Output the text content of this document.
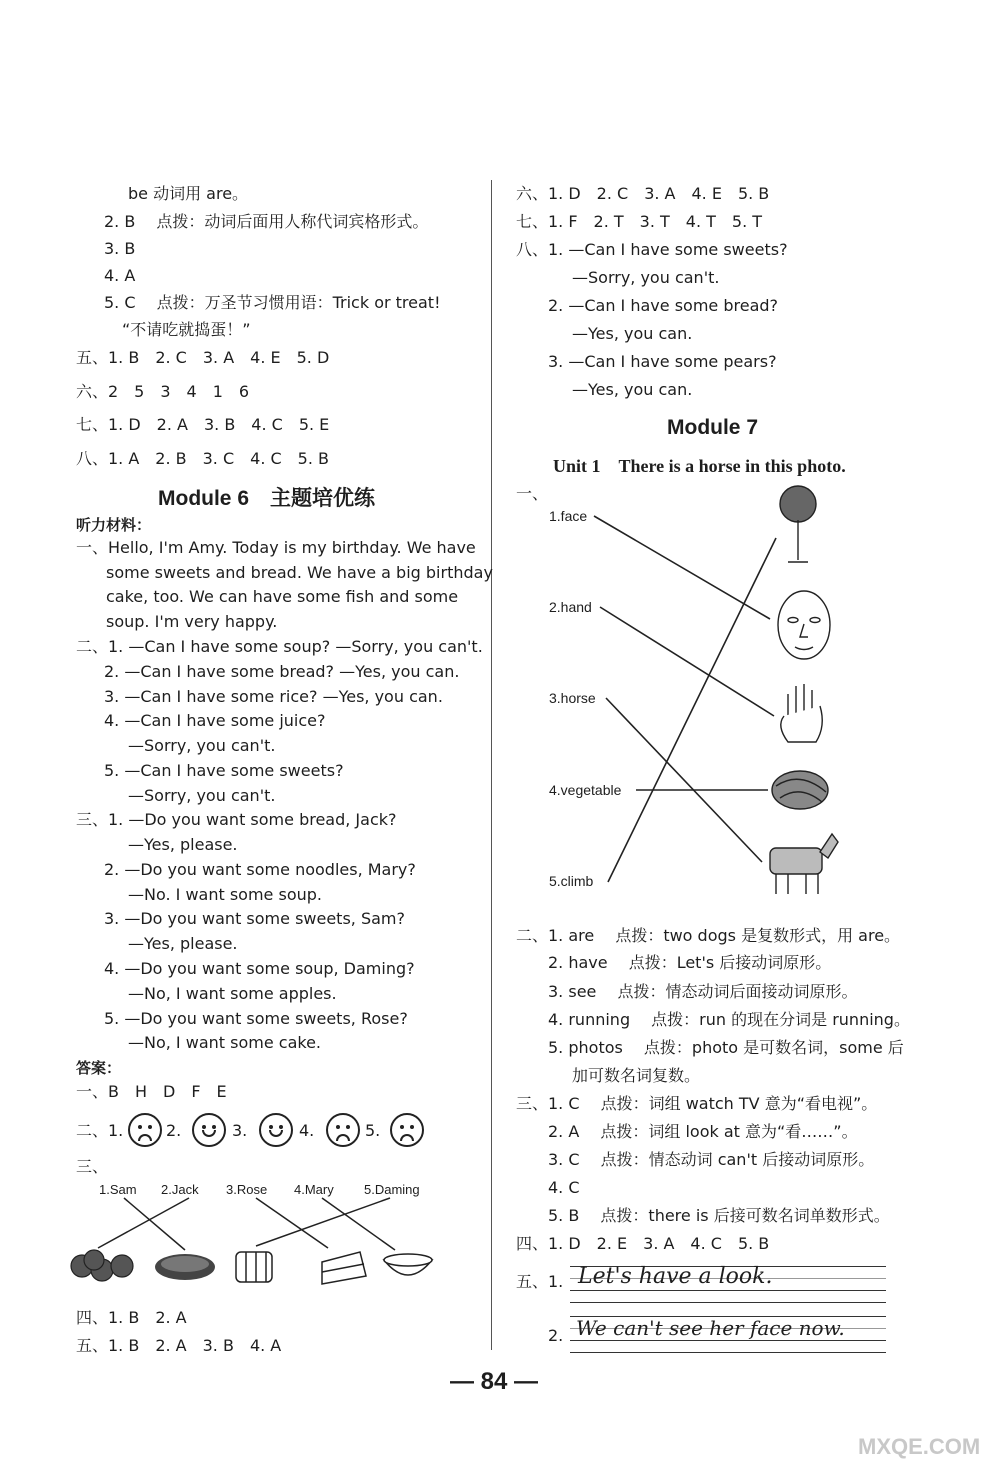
be 动词用 are。
2. B　 点拨：动词后面用人称代词宾格形式。
3. B
4. A
5. C　 点拨：万圣节习惯用语：Trick or treat!
“不请吃就捣蛋！”
五、1. B　2. C　3. A　4. E　5. D
六、2　5　3　4　1　6
七、1. D　2. A　3. B　4. C　5. E
八、1. A　2. B　3. C　4. C　5. B
Module 6　主题培优练
听力材料：
一、Hello, I'm Amy. Today is my birthday. We have
some sweets and bread. We have a big birthday
cake, too. We can have some fish and some
soup. I'm very happy.
二、1. —Can I have some soup? —Sorry, you can't.
2. —Can I have some bread? —Yes, you can.
3. —Can I have some rice? —Yes, you can.
4. —Can I have some juice?
—Sorry, you can't.
5. —Can I have some sweets?
—Sorry, you can't.
三、1. —Do you want some bread, Jack?
—Yes, please.
2. —Do you want some noodles, Mary?
—No. I want some soup.
3. —Do you want some sweets, Sam?
—Yes, please.
4. —Do you want some soup, Daming?
—No, I want some apples.
5. —Do you want some sweets, Rose?
—No, I want some cake.
答案：
一、B　H　D　F　E
二、1.	2.	3.	4.	5.
三、
1.Sam 2.Jack 3.Rose 4.Mary 5.Daming
四、1. B　2. A
五、1. B　2. A　3. B　4. A
六、1. D　2. C　3. A　4. E　5. B
七、1. F　2. T　3. T　4. T　5. T
八、1. —Can I have some sweets?
—Sorry, you can't.
2. —Can I have some bread?
—Yes, you can.
3. —Can I have some pears?
—Yes, you can.
Module 7
Unit 1　There is a horse in this photo.
一、
1.face
2.hand
3.horse
4.vegetable
5.climb
二、1. are　 点拨：two dogs 是复数形式，用 are。
2. have　 点拨：Let's 后接动词原形。
3. see　 点拨：情态动词后面接动词原形。
4. running　 点拨：run 的现在分词是 running。
5. photos　 点拨：photo 是可数名词，some 后
加可数名词复数。
三、1. C　 点拨：词组 watch TV 意为“看电视”。
2. A　 点拨：词组 look at 意为“看……”。
3. C　 点拨：情态动词 can't 后接动词原形。
4. C
5. B　 点拨：there is 后接可数名词单数形式。
四、1. D　2. E　3. A　4. C　5. B
五、1. Let's have a look.
2. We can't see her face now.
— 84 —
MXQE.COM
